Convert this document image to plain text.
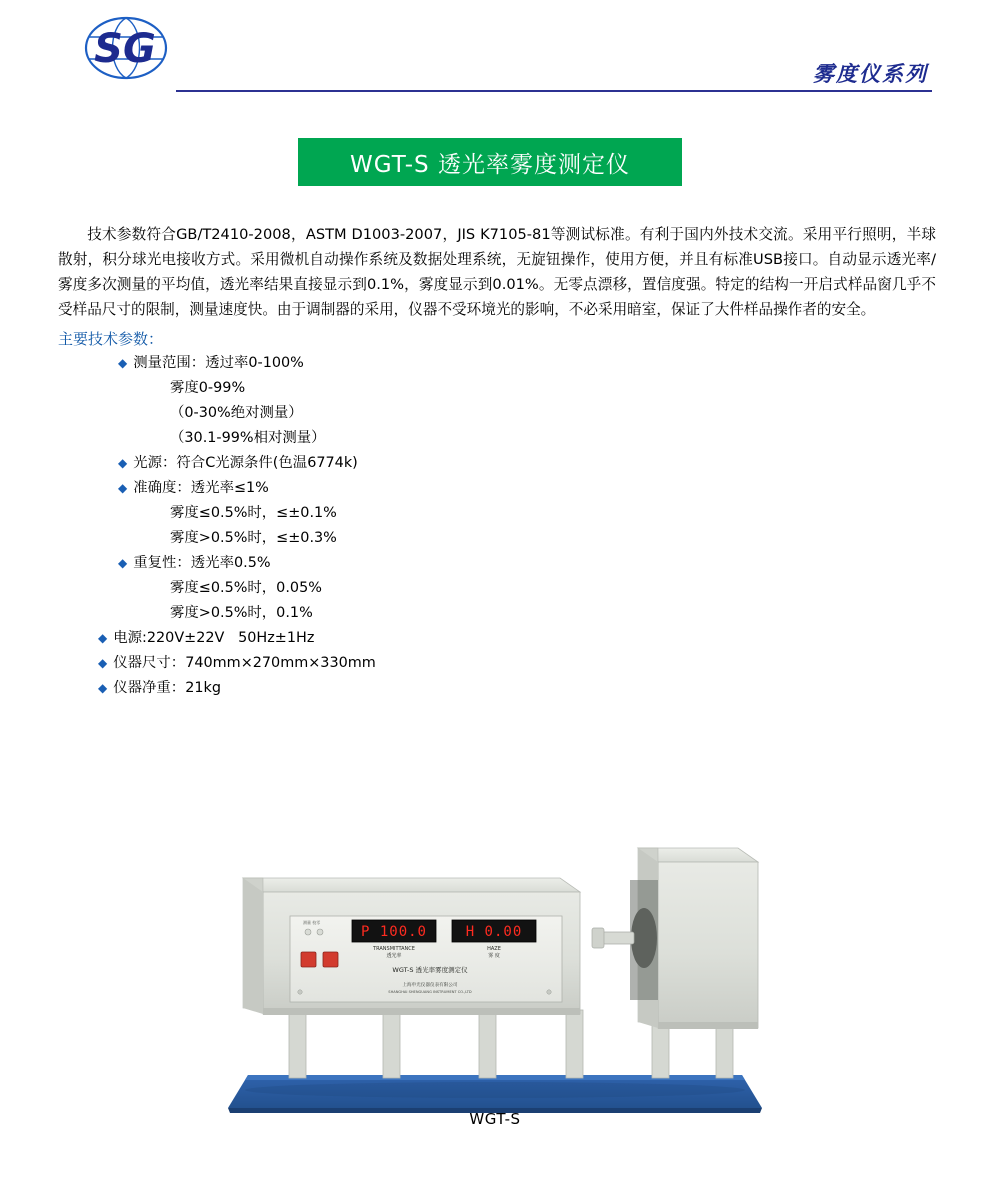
SG
雾度仪系列
WGT-S 透光率雾度测定仪
技术参数符合GB/T2410-2008，ASTM D1003-2007，JIS K7105-81等测试标准。有利于国内外技术交流。采用平行照明，半球散射，积分球光电接收方式。采用微机自动操作系统及数据处理系统，无旋钮操作，使用方便，并且有标准USB接口。自动显示透光率/雾度多次测量的平均值，透光率结果直接显示到0.1%，雾度显示到0.01%。无零点漂移，置信度强。特定的结构一开启式样品窗几乎不受样品尺寸的限制，测量速度快。由于调制器的采用，仪器不受环境光的影响，不必采用暗室，保证了大件样品操作者的安全。
主要技术参数：
◆ 测量范围：透过率0-100%
雾度0-99%
（0-30%绝对测量）
（30.1-99%相对测量）
◆ 光源：符合C光源条件(色温6774k)
◆ 准确度：透光率≤1%
雾度≤0.5%时，≤±0.1%
雾度>0.5%时，≤±0.3%
◆ 重复性：透光率0.5%
雾度≤0.5%时，0.05%
雾度>0.5%时，0.1%
◆ 电源:220V±22V   50Hz±1Hz
◆ 仪器尺寸：740mm×270mm×330mm
◆ 仪器净重：21kg
测量 校零
P 100.0	H 0.00
TRANSMITTANCE
透光率
HAZE
雾 度
WGT-S 透光率雾度测定仪
上海申光仪器仪表有限公司
SHANGHAI SHENGUANG INSTRUMENT CO.,LTD
WGT-S
